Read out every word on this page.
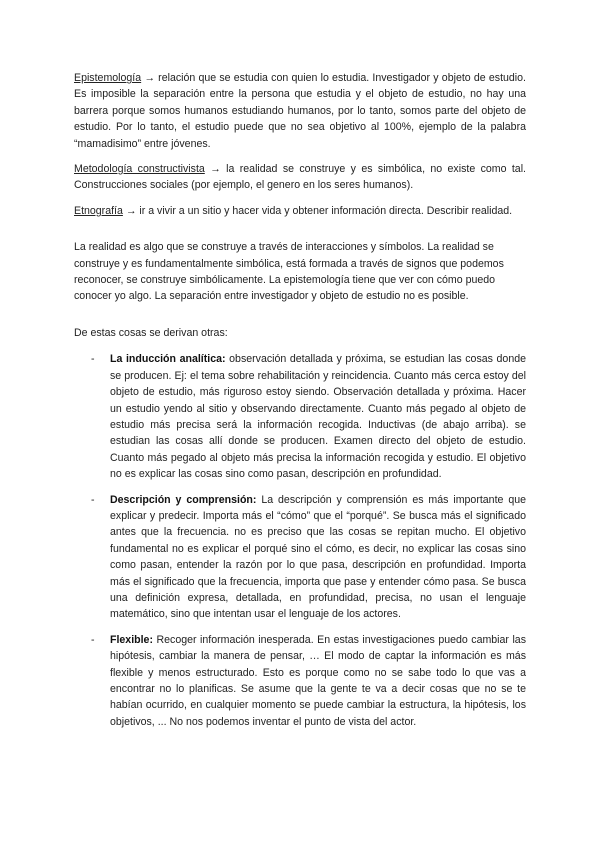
Epistemología → relación que se estudia con quien lo estudia. Investigador y objeto de estudio. Es imposible la separación entre la persona que estudia y el objeto de estudio, no hay una barrera porque somos humanos estudiando humanos, por lo tanto, somos parte del objeto de estudio. Por lo tanto, el estudio puede que no sea objetivo al 100%, ejemplo de la palabra “mamadisimo” entre jóvenes.

Metodología constructivista → la realidad se construye y es simbólica, no existe como tal. Construcciones sociales (por ejemplo, el genero en los seres humanos).

Etnografía → ir a vivir a un sitio y hacer vida y obtener información directa. Describir realidad.

La realidad es algo que se construye a través de interacciones y símbolos. La realidad se construye y es fundamentalmente simbólica, está formada a través de signos que podemos reconocer, se construye simbólicamente. La epistemología tiene que ver con cómo puedo conocer yo algo. La separación entre investigador y objeto de estudio no es posible.

De estas cosas se derivan otras:

- La inducción analítica: observación detallada y próxima, se estudian las cosas donde se producen. Ej: el tema sobre rehabilitación y reincidencia. Cuanto más cerca estoy del objeto de estudio, más riguroso estoy siendo. Observación detallada y próxima. Hacer un estudio yendo al sitio y observando directamente. Cuanto más pegado al objeto de estudio más precisa será la información recogida. Inductivas (de abajo arriba). se estudian las cosas allí donde se producen. Examen directo del objeto de estudio. Cuanto más pegado al objeto más precisa la información recogida y estudio. El objetivo no es explicar las cosas sino como pasan, descripción en profundidad.

- Descripción y comprensión: La descripción y comprensión es más importante que explicar y predecir. Importa más el “cómo” que el “porqué”. Se busca más el significado antes que la frecuencia. no es preciso que las cosas se repitan mucho. El objetivo fundamental no es explicar el porqué sino el cómo, es decir, no explicar las cosas sino como pasan, entender la razón por lo que pasa, descripción en profundidad. Importa más el significado que la frecuencia, importa que pase y entender cómo pasa. Se busca una definición expresa, detallada, en profundidad, precisa, no usan el lenguaje matemático, sino que intentan usar el lenguaje de los actores.

- Flexible: Recoger información inesperada. En estas investigaciones puedo cambiar las hipótesis, cambiar la manera de pensar, … El modo de captar la información es más flexible y menos estructurado. Esto es porque como no se sabe todo lo que vas a encontrar no lo planificas. Se asume que la gente te va a decir cosas que no se te habían ocurrido, en cualquier momento se puede cambiar la estructura, la hipótesis, los objetivos, ... No nos podemos inventar el punto de vista del actor.
